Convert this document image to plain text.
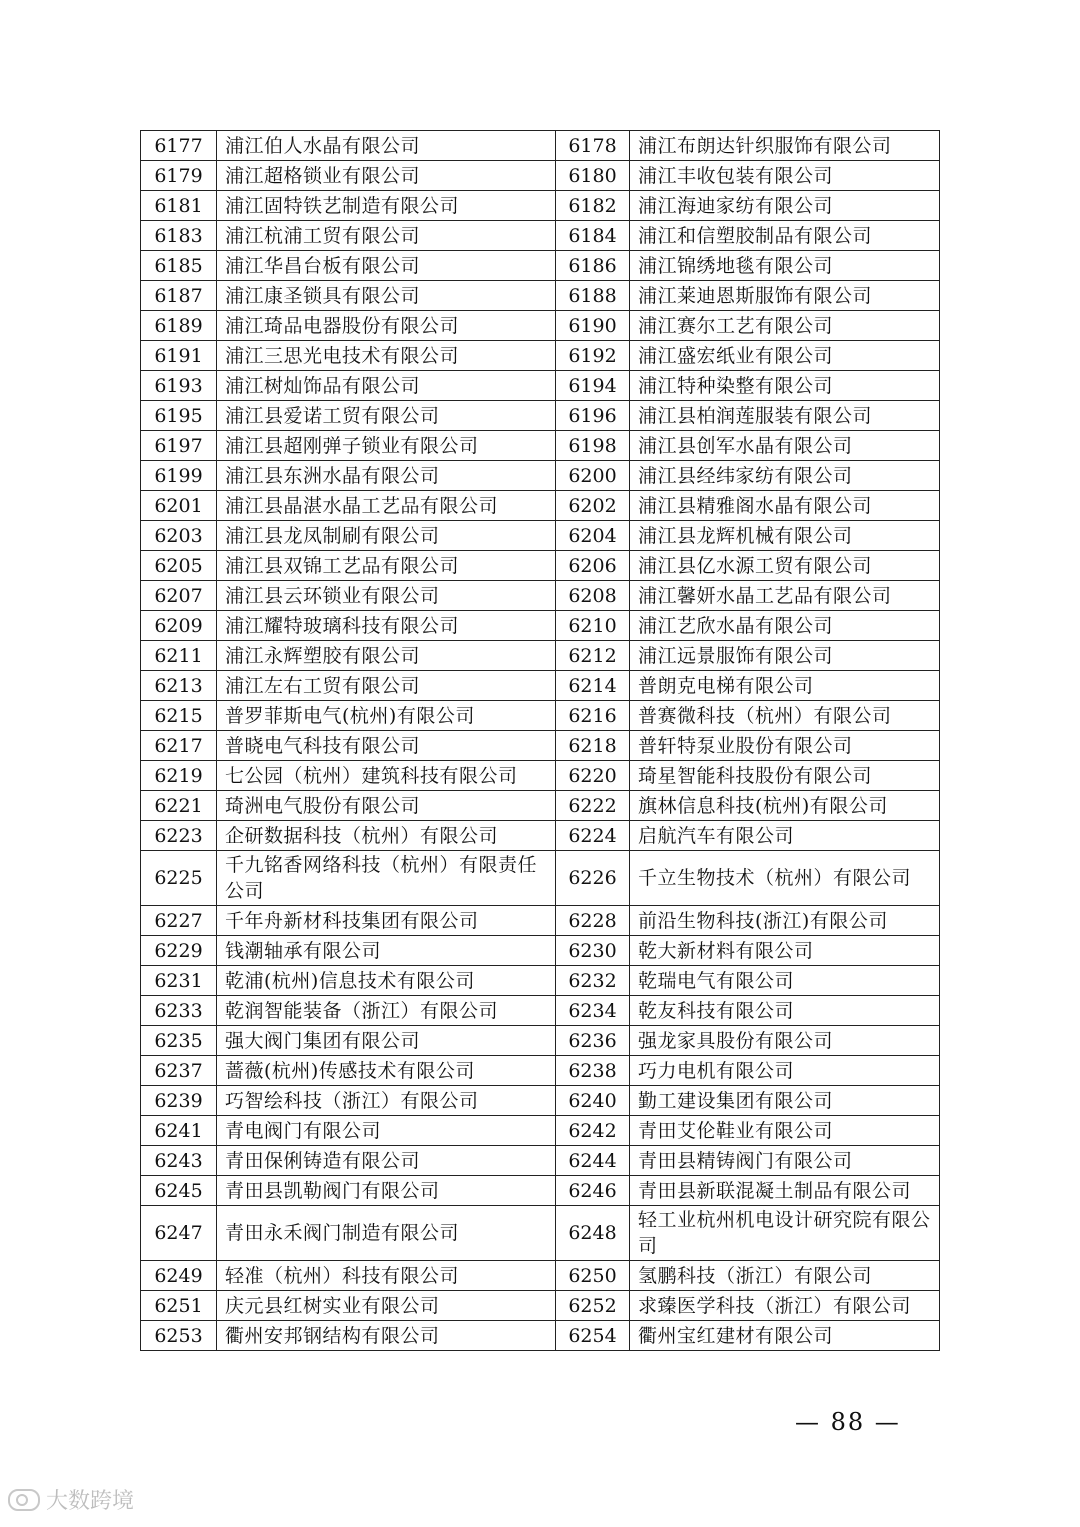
6177	浦江伯人水晶有限公司	6178	浦江布朗达针织服饰有限公司
6179	浦江超格锁业有限公司	6180	浦江丰收包装有限公司
6181	浦江固特铁艺制造有限公司	6182	浦江海迪家纺有限公司
6183	浦江杭浦工贸有限公司	6184	浦江和信塑胶制品有限公司
6185	浦江华昌台板有限公司	6186	浦江锦绣地毯有限公司
6187	浦江康圣锁具有限公司	6188	浦江莱迪恩斯服饰有限公司
6189	浦江琦品电器股份有限公司	6190	浦江赛尔工艺有限公司
6191	浦江三思光电技术有限公司	6192	浦江盛宏纸业有限公司
6193	浦江树灿饰品有限公司	6194	浦江特种染整有限公司
6195	浦江县爱诺工贸有限公司	6196	浦江县柏润莲服装有限公司
6197	浦江县超刚弹子锁业有限公司	6198	浦江县创军水晶有限公司
6199	浦江县东洲水晶有限公司	6200	浦江县经纬家纺有限公司
6201	浦江县晶湛水晶工艺品有限公司	6202	浦江县精雅阁水晶有限公司
6203	浦江县龙凤制刷有限公司	6204	浦江县龙辉机械有限公司
6205	浦江县双锦工艺品有限公司	6206	浦江县亿水源工贸有限公司
6207	浦江县云环锁业有限公司	6208	浦江馨妍水晶工艺品有限公司
6209	浦江耀特玻璃科技有限公司	6210	浦江艺欣水晶有限公司
6211	浦江永辉塑胶有限公司	6212	浦江远景服饰有限公司
6213	浦江左右工贸有限公司	6214	普朗克电梯有限公司
6215	普罗菲斯电气(杭州)有限公司	6216	普赛微科技（杭州）有限公司
6217	普晓电气科技有限公司	6218	普轩特泵业股份有限公司
6219	七公园（杭州）建筑科技有限公司	6220	琦星智能科技股份有限公司
6221	琦洲电气股份有限公司	6222	旗林信息科技(杭州)有限公司
6223	企研数据科技（杭州）有限公司	6224	启航汽车有限公司
6225	千九铭香网络科技（杭州）有限责任公司	6226	千立生物技术（杭州）有限公司
6227	千年舟新材科技集团有限公司	6228	前沿生物科技(浙江)有限公司
6229	钱潮轴承有限公司	6230	乾大新材料有限公司
6231	乾浦(杭州)信息技术有限公司	6232	乾瑞电气有限公司
6233	乾润智能装备（浙江）有限公司	6234	乾友科技有限公司
6235	强大阀门集团有限公司	6236	强龙家具股份有限公司
6237	蔷薇(杭州)传感技术有限公司	6238	巧力电机有限公司
6239	巧智绘科技（浙江）有限公司	6240	勤工建设集团有限公司
6241	青电阀门有限公司	6242	青田艾伦鞋业有限公司
6243	青田保俐铸造有限公司	6244	青田县精铸阀门有限公司
6245	青田县凯勒阀门有限公司	6246	青田县新联混凝土制品有限公司
6247	青田永禾阀门制造有限公司	6248	轻工业杭州机电设计研究院有限公司
6249	轻准（杭州）科技有限公司	6250	氢鹏科技（浙江）有限公司
6251	庆元县红树实业有限公司	6252	求臻医学科技（浙江）有限公司
6253	衢州安邦钢结构有限公司	6254	衢州宝红建材有限公司
— 88 —
大数跨境
